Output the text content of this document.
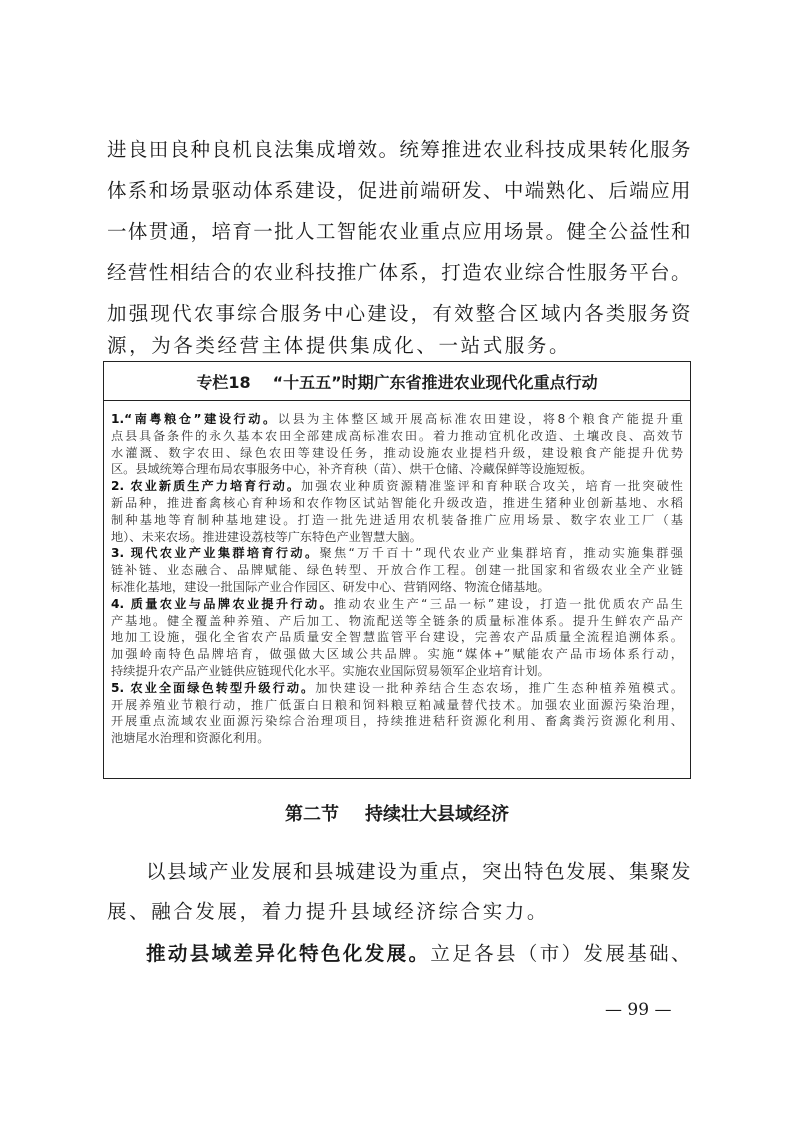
进良田良种良机良法集成增效。统筹推进农业科技成果转化服务
体系和场景驱动体系建设，促进前端研发、中端熟化、后端应用
一体贯通，培育一批人工智能农业重点应用场景。健全公益性和
经营性相结合的农业科技推广体系，打造农业综合性服务平台。
加强现代农事综合服务中心建设，有效整合区域内各类服务资
源，为各类经营主体提供集成化、一站式服务。
专栏18 “十五五”时期广东省推进农业现代化重点行动
1.“南粤粮仓”建设行动。以县为主体整区域开展高标准农田建设，将8个粮食产能提升重
点县具备条件的永久基本农田全部建成高标准农田。着力推动宜机化改造、土壤改良、高效节
水灌溉、数字农田、绿色农田等建设任务，推动设施农业提档升级，建设粮食产能提升优势
区。县域统筹合理布局农事服务中心，补齐育秧（苗）、烘干仓储、冷藏保鲜等设施短板。
2. 农业新质生产力培育行动。加强农业种质资源精准鉴评和育种联合攻关，培育一批突破性
新品种，推进畜禽核心育种场和农作物区试站智能化升级改造，推进生猪种业创新基地、水稻
制种基地等育制种基地建设。打造一批先进适用农机装备推广应用场景、数字农业工厂（基
地）、未来农场。推进建设荔枝等广东特色产业智慧大脑。
3. 现代农业产业集群培育行动。聚焦“万千百十”现代农业产业集群培育，推动实施集群强
链补链、业态融合、品牌赋能、绿色转型、开放合作工程。创建一批国家和省级农业全产业链
标准化基地，建设一批国际产业合作园区、研发中心、营销网络、物流仓储基地。
4. 质量农业与品牌农业提升行动。推动农业生产“三品一标”建设，打造一批优质农产品生
产基地。健全覆盖种养殖、产后加工、物流配送等全链条的质量标准体系。提升生鲜农产品产
地加工设施，强化全省农产品质量安全智慧监管平台建设，完善农产品质量全流程追溯体系。
加强岭南特色品牌培育，做强做大区域公共品牌。实施“媒体+”赋能农产品市场体系行动，
持续提升农产品产业链供应链现代化水平。实施农业国际贸易领军企业培育计划。
5. 农业全面绿色转型升级行动。加快建设一批种养结合生态农场，推广生态种植养殖模式。
开展养殖业节粮行动，推广低蛋白日粮和饲料粮豆粕减量替代技术。加强农业面源污染治理，
开展重点流域农业面源污染综合治理项目，持续推进秸秆资源化利用、畜禽粪污资源化利用、
池塘尾水治理和资源化利用。
第二节 持续壮大县域经济
以县域产业发展和县城建设为重点，突出特色发展、集聚发
展、融合发展，着力提升县域经济综合实力。
推动县域差异化特色化发展。立足各县（市）发展基础、
— 99 —
